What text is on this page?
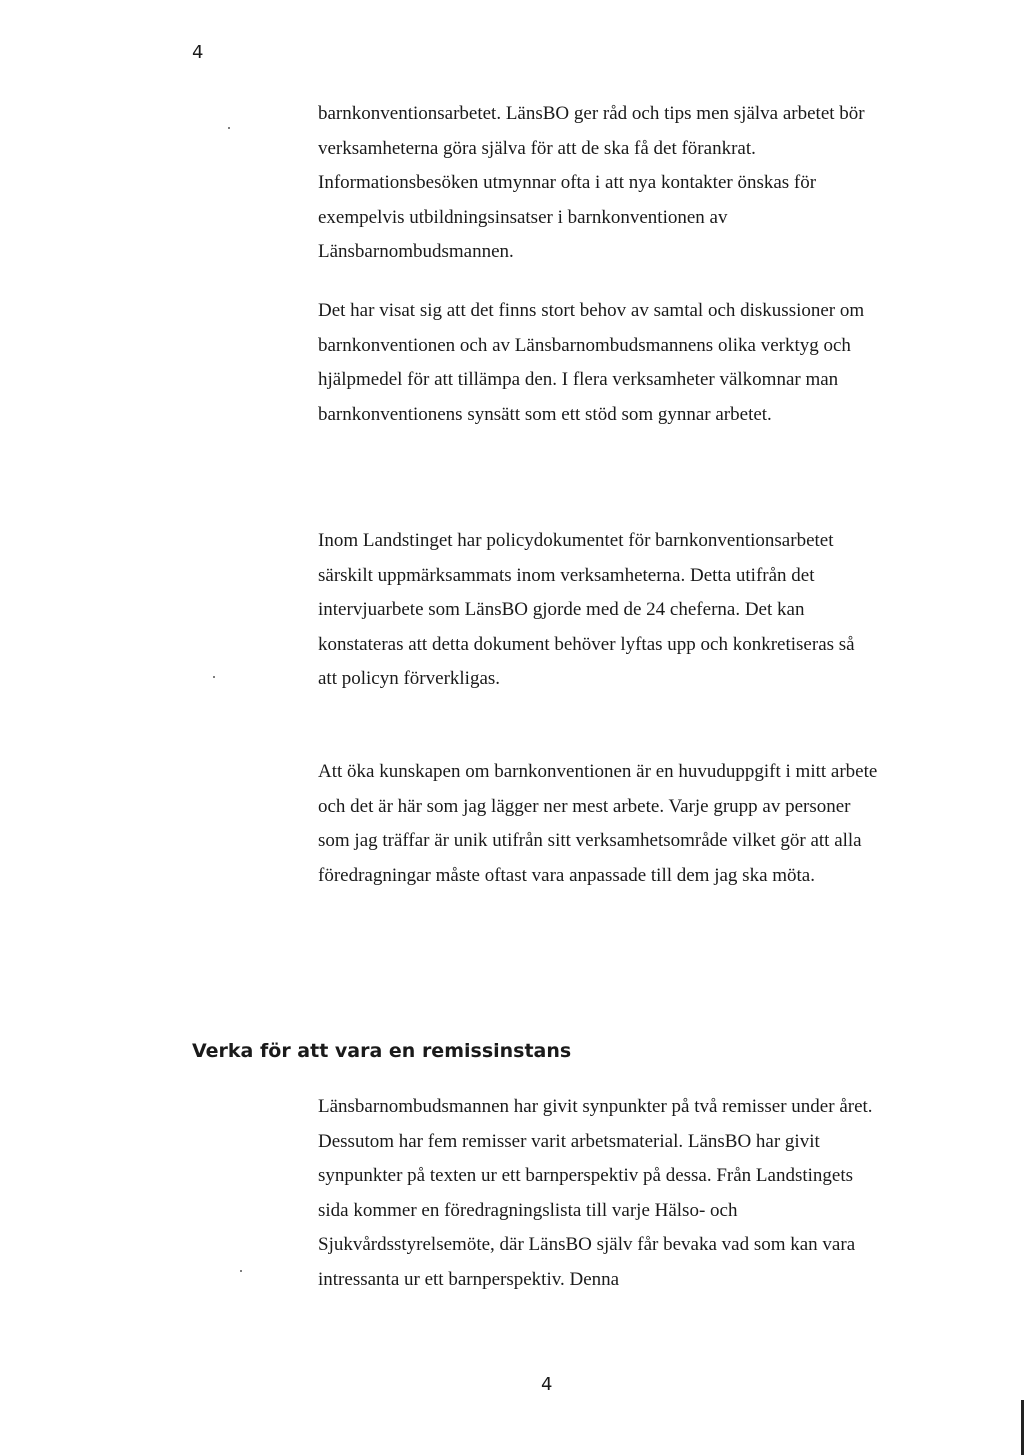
4

barnkonventionsarbetet. LänsBO ger råd och tips men själva arbetet bör verksamheterna göra själva för att de ska få det förankrat. Informationsbesöken utmynnar ofta i att nya kontakter önskas för exempelvis utbildningsinsatser i barnkonventionen av Länsbarnombudsmannen.

Det har visat sig att det finns stort behov av samtal och diskussioner om barnkonventionen och av Länsbarnombudsmannens olika verktyg och hjälpmedel för att tillämpa den. I flera verksamheter välkomnar man barnkonventionens synsätt som ett stöd som gynnar arbetet.

Inom Landstinget har policydokumentet för barnkonventionsarbetet särskilt uppmärksammats inom verksamheterna. Detta utifrån det intervjuarbete som LänsBO gjorde med de 24 cheferna. Det kan konstateras att detta dokument behöver lyftas upp och konkretiseras så att policyn förverkligas.

Att öka kunskapen om barnkonventionen är en huvuduppgift i mitt arbete och det är här som jag lägger ner mest arbete. Varje grupp av personer som jag träffar är unik utifrån sitt verksamhetsområde vilket gör att alla föredragningar måste oftast vara anpassade till dem jag ska möta.

Verka för att vara en remissinstans

Länsbarnombudsmannen har givit synpunkter på två remisser under året. Dessutom har fem remisser varit arbetsmaterial. LänsBO har givit synpunkter på texten ur ett barnperspektiv på dessa. Från Landstingets sida kommer en föredragningslista till varje Hälso- och Sjukvårdsstyrelsemöte, där LänsBO själv får bevaka vad som kan vara intressanta ur ett barnperspektiv. Denna

4
